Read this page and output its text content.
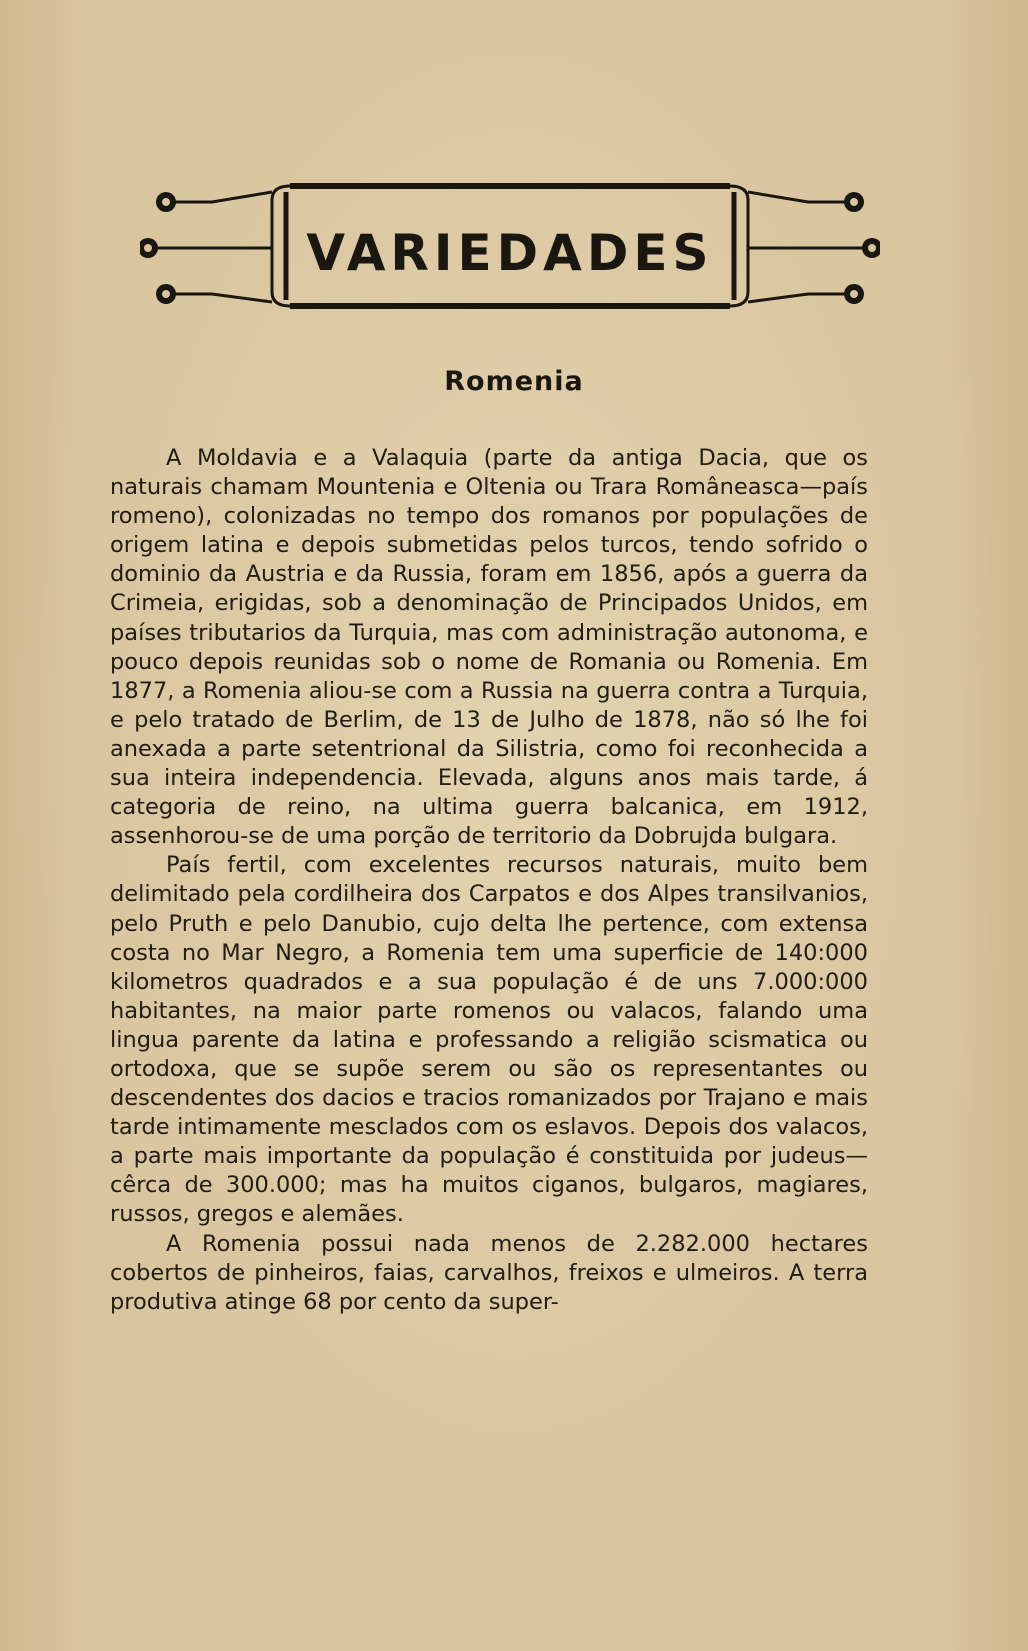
VARIEDADES
Romenia

A Moldavia e a Valaquia (parte da antiga Dacia, que os naturais chamam Mountenia e Oltenia ou Trara Româneasca—país romeno), colonizadas no tempo dos romanos por populações de origem latina e depois submetidas pelos turcos, tendo sofrido o dominio da Austria e da Russia, foram em 1856, após a guerra da Crimeia, erigidas, sob a denominação de Principados Unidos, em países tributarios da Turquia, mas com administração autonoma, e pouco depois reunidas sob o nome de Romania ou Romenia. Em 1877, a Romenia aliou-se com a Russia na guerra contra a Turquia, e pelo tratado de Berlim, de 13 de Julho de 1878, não só lhe foi anexada a parte setentrional da Silistria, como foi reconhecida a sua inteira independencia. Elevada, alguns anos mais tarde, á categoria de reino, na ultima guerra balcanica, em 1912, assenhorou-se de uma porção de territorio da Dobrujda bulgara.

País fertil, com excelentes recursos naturais, muito bem delimitado pela cordilheira dos Carpatos e dos Alpes transilvanios, pelo Pruth e pelo Danubio, cujo delta lhe pertence, com extensa costa no Mar Negro, a Romenia tem uma superficie de 140:000 kilometros quadrados e a sua população é de uns 7.000:000 habitantes, na maior parte romenos ou valacos, falando uma lingua parente da latina e professando a religião scismatica ou ortodoxa, que se supõe serem ou são os representantes ou descendentes dos dacios e tracios romanizados por Trajano e mais tarde intimamente mesclados com os eslavos. Depois dos valacos, a parte mais importante da população é constituida por judeus—cêrca de 300.000; mas ha muitos ciganos, bulgaros, magiares, russos, gregos e alemães.

A Romenia possui nada menos de 2.282.000 hectares cobertos de pinheiros, faias, carvalhos, freixos e ulmeiros. A terra produtiva atinge 68 por cento da super-
